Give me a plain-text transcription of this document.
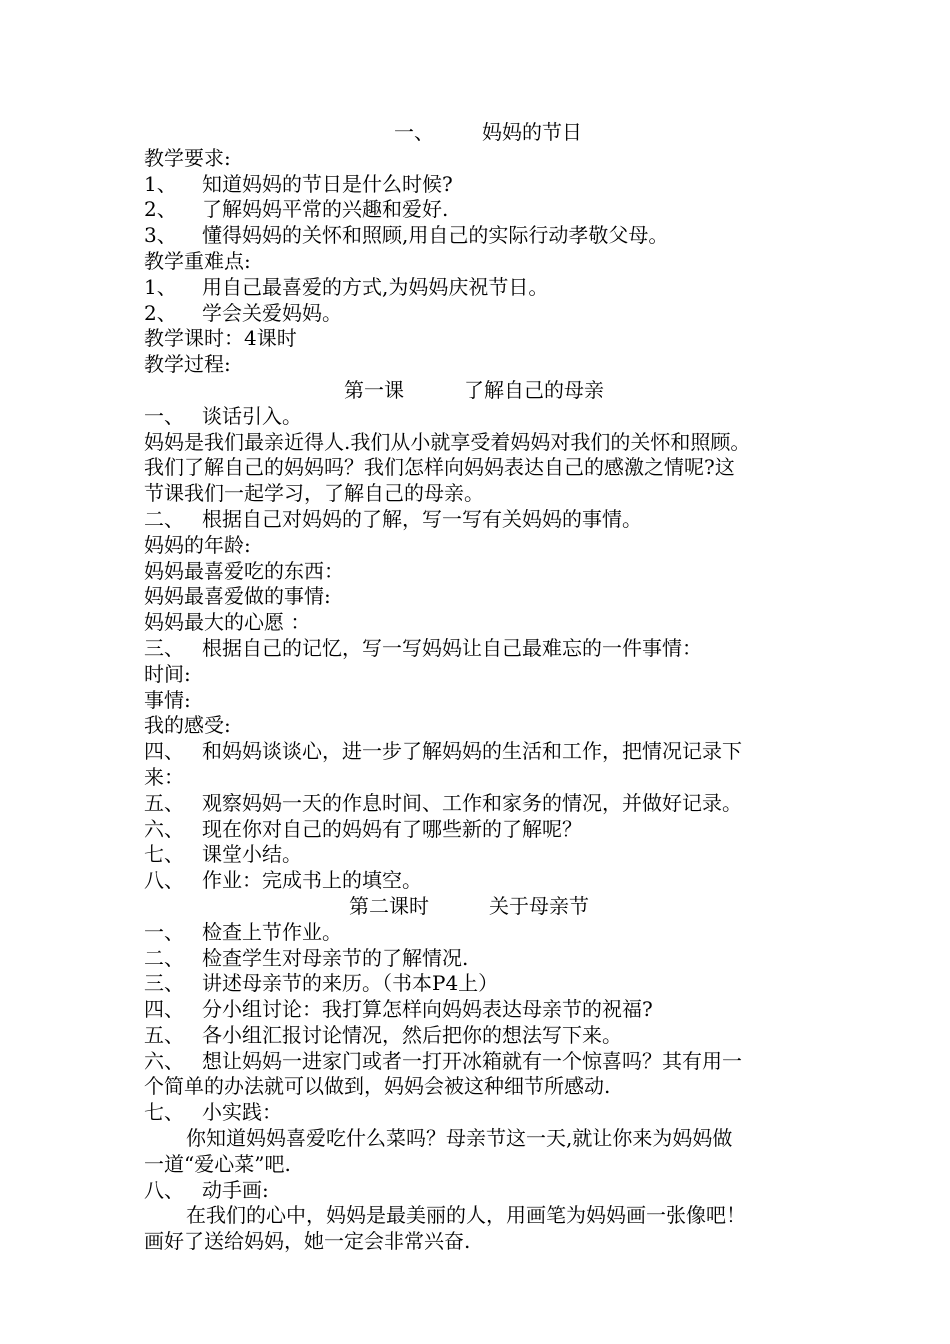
一、 妈妈的节日
教学要求:
1、 知道妈妈的节日是什么时候?
2、 了解妈妈平常的兴趣和爱好.
3、 懂得妈妈的关怀和照顾,用自己的实际行动孝敬父母。
教学重难点:
1、 用自己最喜爱的方式,为妈妈庆祝节日。
2、 学会关爱妈妈。
教学课时：4课时
教学过程:
第一课	了解自己的母亲
一、 谈话引入。
妈妈是我们最亲近得人.我们从小就享受着妈妈对我们的关怀和照顾。
我们了解自己的妈妈吗？我们怎样向妈妈表达自己的感激之情呢?这
节课我们一起学习，了解自己的母亲。
二、 根据自己对妈妈的了解，写一写有关妈妈的事情。
妈妈的年龄:
妈妈最喜爱吃的东西：
妈妈最喜爱做的事情:
妈妈最大的心愿 ：
三、 根据自己的记忆，写一写妈妈让自己最难忘的一件事情：
时间:
事情:
我的感受:
四、 和妈妈谈谈心，进一步了解妈妈的生活和工作，把情况记录下
来：
五、 观察妈妈一天的作息时间、工作和家务的情况，并做好记录。
六、 现在你对自己的妈妈有了哪些新的了解呢？
七、 课堂小结。
八、 作业：完成书上的填空。
第二课时	关于母亲节
一、 检查上节作业。
二、 检查学生对母亲节的了解情况.
三、 讲述母亲节的来历。（书本P4上）
四、 分小组讨论：我打算怎样向妈妈表达母亲节的祝福?
五、 各小组汇报讨论情况，然后把你的想法写下来。
六、 想让妈妈一进家门或者一打开冰箱就有一个惊喜吗？其有用一
个简单的办法就可以做到，妈妈会被这种细节所感动.
七、 小实践：
你知道妈妈喜爱吃什么菜吗？母亲节这一天,就让你来为妈妈做
一道“爱心菜”吧.
八、 动手画:
在我们的心中，妈妈是最美丽的人，用画笔为妈妈画一张像吧！
画好了送给妈妈，她一定会非常兴奋.
